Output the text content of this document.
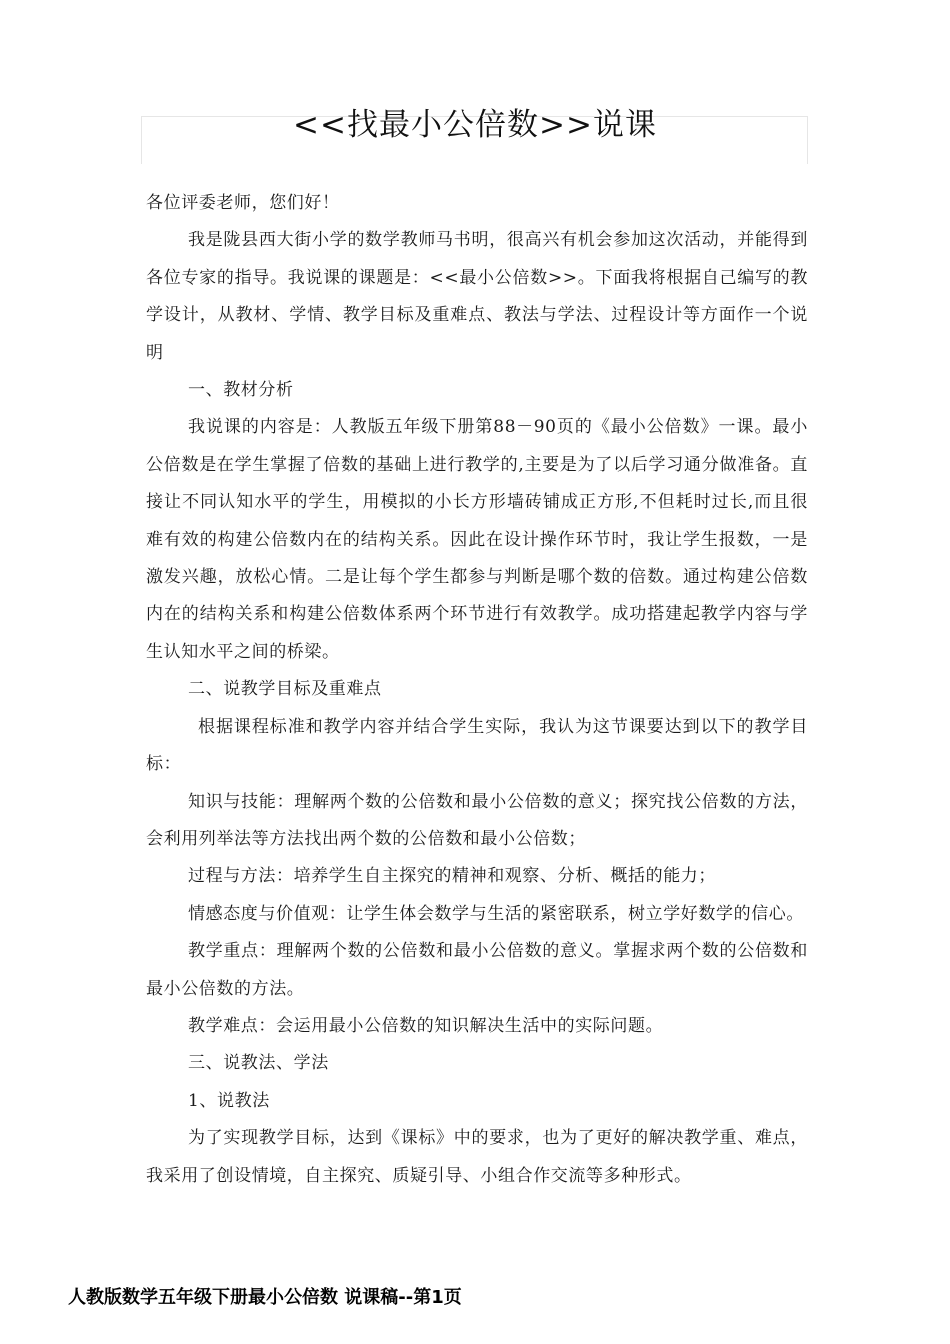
<<找最小公倍数>>说课

各位评委老师，您们好！

我是陇县西大街小学的数学教师马书明，很高兴有机会参加这次活动，并能得到各位专家的指导。我说课的课题是：<<最小公倍数>>。下面我将根据自己编写的教学设计，从教材、学情、教学目标及重难点、教法与学法、过程设计等方面作一个说明

一、教材分析

我说课的内容是：人教版五年级下册第88－90页的《最小公倍数》一课。最小公倍数是在学生掌握了倍数的基础上进行教学的,主要是为了以后学习通分做准备。直接让不同认知水平的学生，用模拟的小长方形墙砖铺成正方形,不但耗时过长,而且很难有效的构建公倍数内在的结构关系。因此在设计操作环节时，我让学生报数，一是激发兴趣，放松心情。二是让每个学生都参与判断是哪个数的倍数。通过构建公倍数内在的结构关系和构建公倍数体系两个环节进行有效教学。成功搭建起教学内容与学生认知水平之间的桥梁。

二、说教学目标及重难点

根据课程标准和教学内容并结合学生实际，我认为这节课要达到以下的教学目标：

知识与技能：理解两个数的公倍数和最小公倍数的意义；探究找公倍数的方法，会利用列举法等方法找出两个数的公倍数和最小公倍数；

过程与方法：培养学生自主探究的精神和观察、分析、概括的能力；

情感态度与价值观：让学生体会数学与生活的紧密联系，树立学好数学的信心。

教学重点：理解两个数的公倍数和最小公倍数的意义。掌握求两个数的公倍数和最小公倍数的方法。

教学难点：会运用最小公倍数的知识解决生活中的实际问题。

三、说教法、学法

1、说教法

为了实现教学目标，达到《课标》中的要求，也为了更好的解决教学重、难点，我采用了创设情境，自主探究、质疑引导、小组合作交流等多种形式。

人教版数学五年级下册最小公倍数 说课稿--第1页
